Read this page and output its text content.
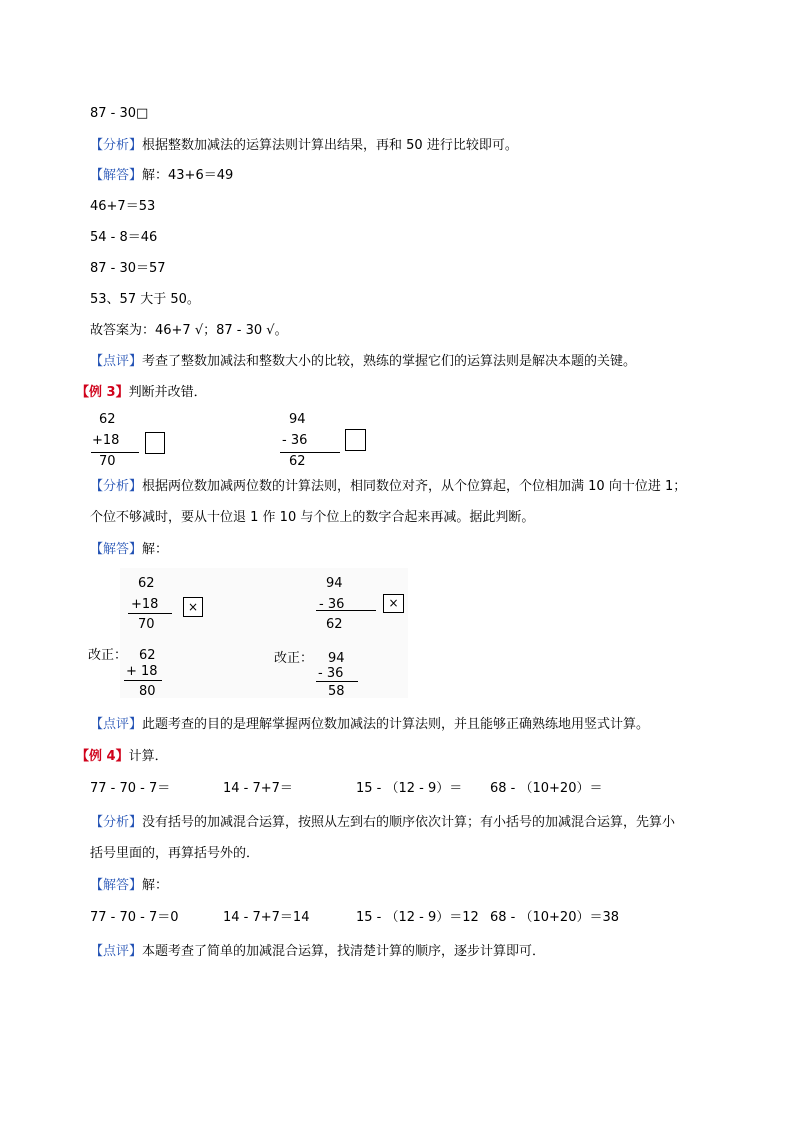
87 - 30□
【分析】根据整数加减法的运算法则计算出结果，再和 50 进行比较即可。
【解答】解：43+6＝49
46+7＝53
54 - 8＝46
87 - 30＝57
53、57 大于 50。
故答案为：46+7 √；87 - 30 √。
【点评】考查了整数加减法和整数大小的比较，熟练的掌握它们的运算法则是解决本题的关键。
【例 3】判断并改错．
62
+18
70
94
- 36
62
【分析】根据两位数加减两位数的计算法则，相同数位对齐，从个位算起，个位相加满 10 向十位进 1；
个位不够减时，要从十位退 1 作 10 与个位上的数字合起来再减。据此判断。
【解答】解：
62
+18
70
×
94
- 36
62
×
改正： 62
+ 18
80
改正： 94
- 36
58
【点评】此题考查的目的是理解掌握两位数加减法的计算法则，并且能够正确熟练地用竖式计算。
【例 4】计算．
77 - 70 - 7＝	14 - 7+7＝	15 - （12 - 9）＝ 68 - （10+20）＝
【分析】没有括号的加减混合运算，按照从左到右的顺序依次计算；有小括号的加减混合运算，先算小
括号里面的，再算括号外的．
【解答】解：
77 - 70 - 7＝0	14 - 7+7＝14	15 - （12 - 9）＝12 68 - （10+20）＝38
【点评】本题考查了简单的加减混合运算，找清楚计算的顺序，逐步计算即可．
